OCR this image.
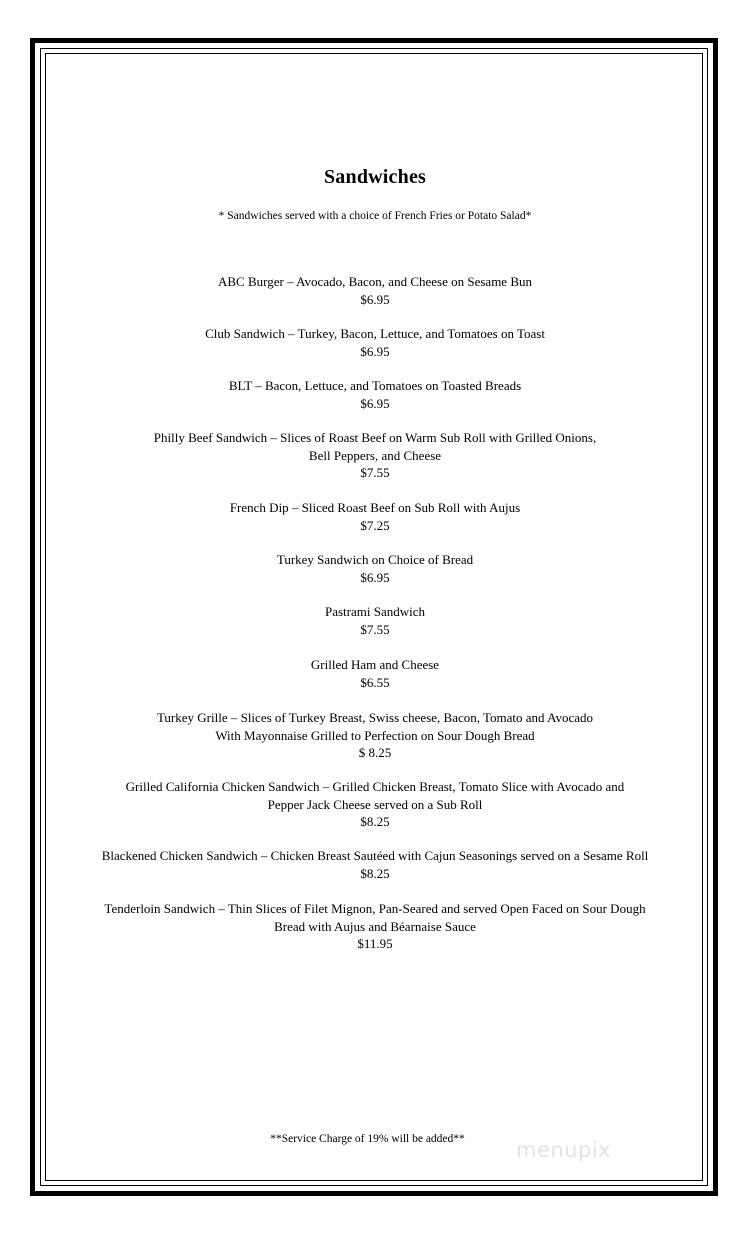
Sandwiches
* Sandwiches served with a choice of French Fries or Potato Salad*
ABC Burger – Avocado, Bacon, and Cheese on Sesame Bun
$6.95
Club Sandwich – Turkey, Bacon, Lettuce, and Tomatoes on Toast
$6.95
BLT – Bacon, Lettuce, and Tomatoes on Toasted Breads
$6.95
Philly Beef Sandwich – Slices of Roast Beef on Warm Sub Roll with Grilled Onions,
Bell Peppers, and Cheese
$7.55
French Dip – Sliced Roast Beef on Sub Roll with Aujus
$7.25
Turkey Sandwich on Choice of Bread
$6.95
Pastrami Sandwich
$7.55
Grilled Ham and Cheese
$6.55
Turkey Grille – Slices of Turkey Breast, Swiss cheese, Bacon, Tomato and Avocado
With Mayonnaise Grilled to Perfection on Sour Dough Bread
$ 8.25
Grilled California Chicken Sandwich – Grilled Chicken Breast, Tomato Slice with Avocado and
Pepper Jack Cheese served on a Sub Roll
$8.25
Blackened Chicken Sandwich – Chicken Breast Sautéed with Cajun Seasonings served on a Sesame Roll
$8.25
Tenderloin Sandwich – Thin Slices of Filet Mignon, Pan-Seared and served Open Faced on Sour Dough
Bread with Aujus and Béarnaise Sauce
$11.95
**Service Charge of 19% will be added**	menupix
